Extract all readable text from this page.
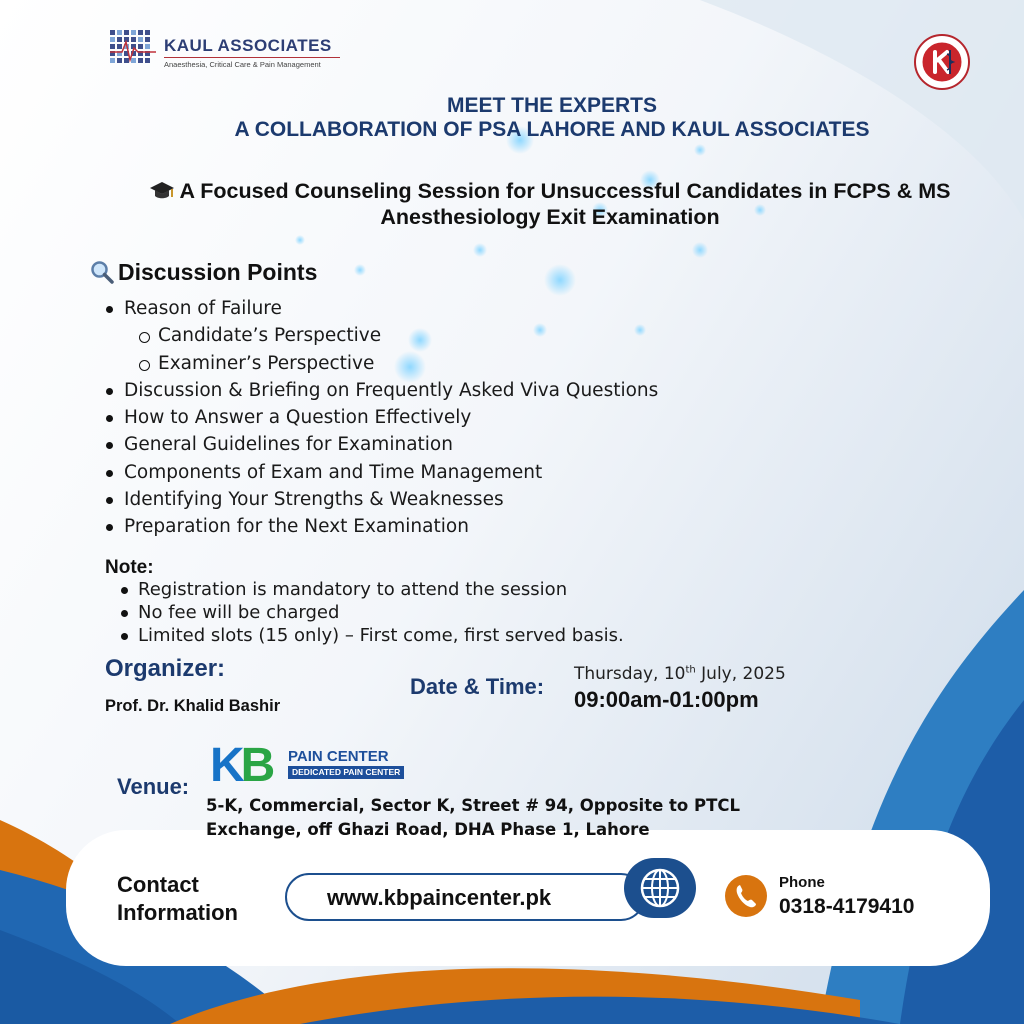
KAUL ASSOCIATES
Anaesthesia, Critical Care & Pain Management
MEET THE EXPERTS
A COLLABORATION OF PSA LAHORE AND KAUL ASSOCIATES
A Focused Counseling Session for Unsuccessful Candidates in FCPS & MS
Anesthesiology Exit Examination
Discussion Points
Reason of Failure
Candidate’s Perspective
Examiner’s Perspective
Discussion & Briefing on Frequently Asked Viva Questions
How to Answer a Question Effectively
General Guidelines for Examination
Components of Exam and Time Management
Identifying Your Strengths & Weaknesses
Preparation for the Next Examination
Note:
Registration is mandatory to attend the session
No fee will be charged
Limited slots (15 only) – First come, first served basis.
Organizer:
Prof. Dr. Khalid Bashir
Date & Time: Thursday, 10th July, 2025
09:00am-01:00pm
Venue: KB PAIN CENTER
DEDICATED PAIN CENTER
5-K, Commercial, Sector K, Street # 94, Opposite to PTCL
Exchange, off Ghazi Road, DHA Phase 1, Lahore
Contact
Information
www.kbpaincenter.pk
Phone
0318-4179410
